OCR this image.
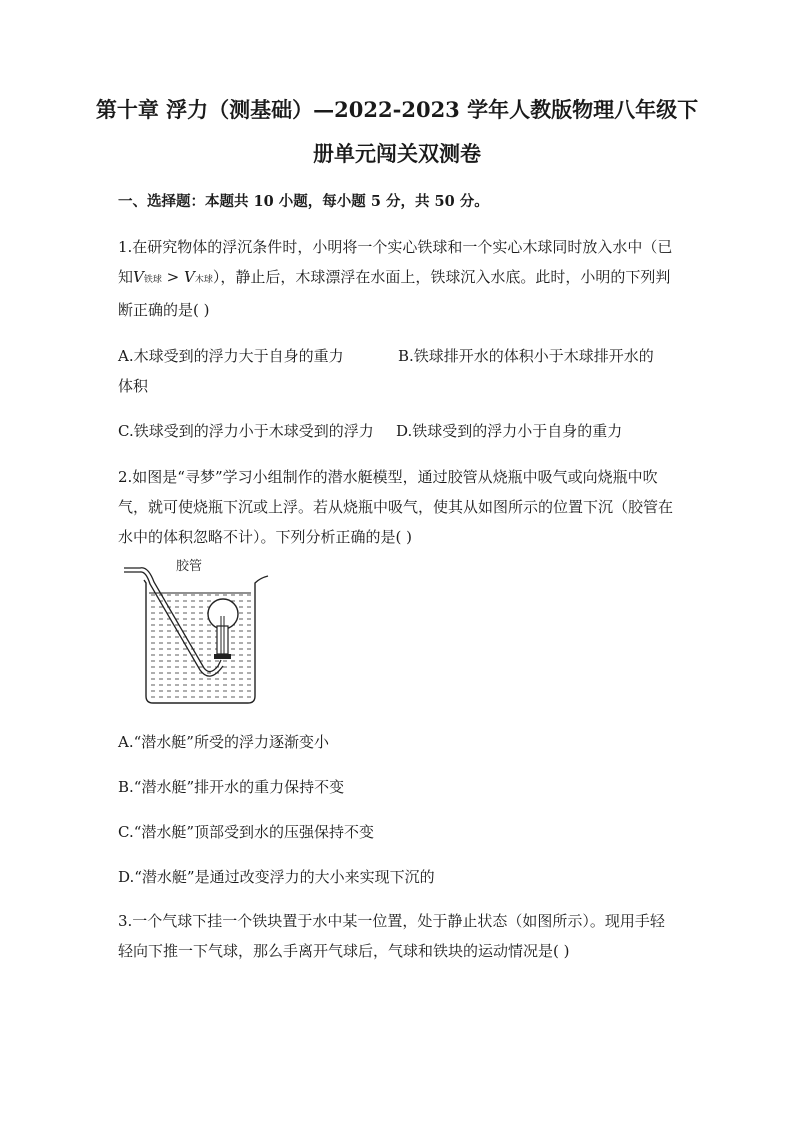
第十章 浮力（测基础）—2022-2023 学年人教版物理八年级下
册单元闯关双测卷
一、选择题：本题共 10 小题，每小题 5 分，共 50 分。
1.在研究物体的浮沉条件时，小明将一个实心铁球和一个实心木球同时放入水中（已知V铁球 > V木球），静止后，木球漂浮在水面上，铁球沉入水底。此时，小明的下列判断正确的是( )
A.木球受到的浮力大于自身的重力	B.铁球排开水的体积小于木球排开水的
体积
C.铁球受到的浮力小于木球受到的浮力 D.铁球受到的浮力小于自身的重力
2.如图是“寻梦”学习小组制作的潜水艇模型，通过胶管从烧瓶中吸气或向烧瓶中吹气，就可使烧瓶下沉或上浮。若从烧瓶中吸气，使其从如图所示的位置下沉（胶管在水中的体积忽略不计）。下列分析正确的是( )
胶管
A.“潜水艇”所受的浮力逐渐变小
B.“潜水艇”排开水的重力保持不变
C.“潜水艇”顶部受到水的压强保持不变
D.“潜水艇”是通过改变浮力的大小来实现下沉的
3.一个气球下挂一个铁块置于水中某一位置，处于静止状态（如图所示）。现用手轻轻向下推一下气球，那么手离开气球后，气球和铁块的运动情况是( )
